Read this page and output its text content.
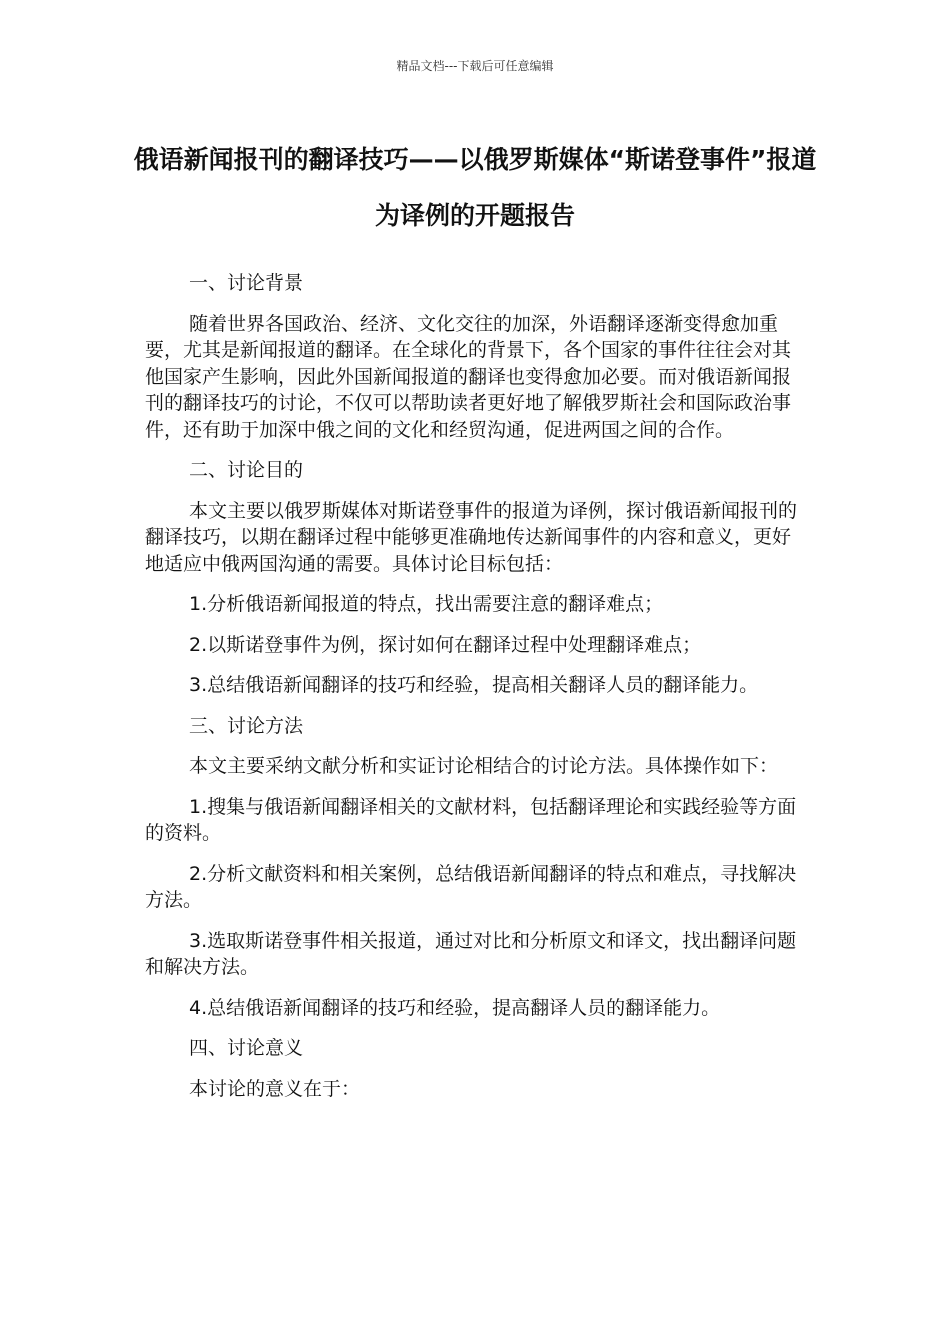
精品文档---下载后可任意编辑
俄语新闻报刊的翻译技巧——以俄罗斯媒体“斯诺登事件”报道为译例的开题报告

一、讨论背景

随着世界各国政治、经济、文化交往的加深，外语翻译逐渐变得愈加重要，尤其是新闻报道的翻译。在全球化的背景下，各个国家的事件往往会对其他国家产生影响，因此外国新闻报道的翻译也变得愈加必要。而对俄语新闻报刊的翻译技巧的讨论，不仅可以帮助读者更好地了解俄罗斯社会和国际政治事件，还有助于加深中俄之间的文化和经贸沟通，促进两国之间的合作。

二、讨论目的

本文主要以俄罗斯媒体对斯诺登事件的报道为译例，探讨俄语新闻报刊的翻译技巧，以期在翻译过程中能够更准确地传达新闻事件的内容和意义，更好地适应中俄两国沟通的需要。具体讨论目标包括：

1.分析俄语新闻报道的特点，找出需要注意的翻译难点；

2.以斯诺登事件为例，探讨如何在翻译过程中处理翻译难点；

3.总结俄语新闻翻译的技巧和经验，提高相关翻译人员的翻译能力。

三、讨论方法

本文主要采纳文献分析和实证讨论相结合的讨论方法。具体操作如下：

1.搜集与俄语新闻翻译相关的文献材料，包括翻译理论和实践经验等方面的资料。

2.分析文献资料和相关案例，总结俄语新闻翻译的特点和难点，寻找解决方法。

3.选取斯诺登事件相关报道，通过对比和分析原文和译文，找出翻译问题和解决方法。

4.总结俄语新闻翻译的技巧和经验，提高翻译人员的翻译能力。

四、讨论意义

本讨论的意义在于：
